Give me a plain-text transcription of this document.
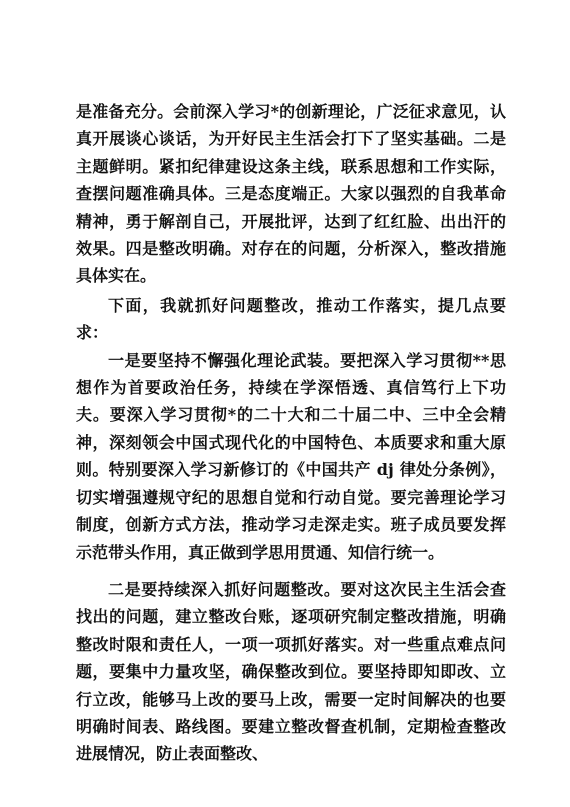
是准备充分。会前深入学习*的创新理论，广泛征求意见，认真开展谈心谈话，为开好民主生活会打下了坚实基础。二是主题鲜明。紧扣纪律建设这条主线，联系思想和工作实际，查摆问题准确具体。三是态度端正。大家以强烈的自我革命精神，勇于解剖自己，开展批评，达到了红红脸、出出汗的效果。四是整改明确。对存在的问题，分析深入，整改措施具体实在。

下面，我就抓好问题整改，推动工作落实，提几点要求：

一是要坚持不懈强化理论武装。要把深入学习贯彻**思想作为首要政治任务，持续在学深悟透、真信笃行上下功夫。要深入学习贯彻*的二十大和二十届二中、三中全会精神，深刻领会中国式现代化的中国特色、本质要求和重大原则。特别要深入学习新修订的《中国共产 dj 律处分条例》，切实增强遵规守纪的思想自觉和行动自觉。要完善理论学习制度，创新方式方法，推动学习走深走实。班子成员要发挥示范带头作用，真正做到学思用贯通、知信行统一。

二是要持续深入抓好问题整改。要对这次民主生活会查找出的问题，建立整改台账，逐项研究制定整改措施，明确整改时限和责任人，一项一项抓好落实。对一些重点难点问题，要集中力量攻坚，确保整改到位。要坚持即知即改、立行立改，能够马上改的要马上改，需要一定时间解决的也要明确时间表、路线图。要建立整改督查机制，定期检查整改进展情况，防止表面整改、
